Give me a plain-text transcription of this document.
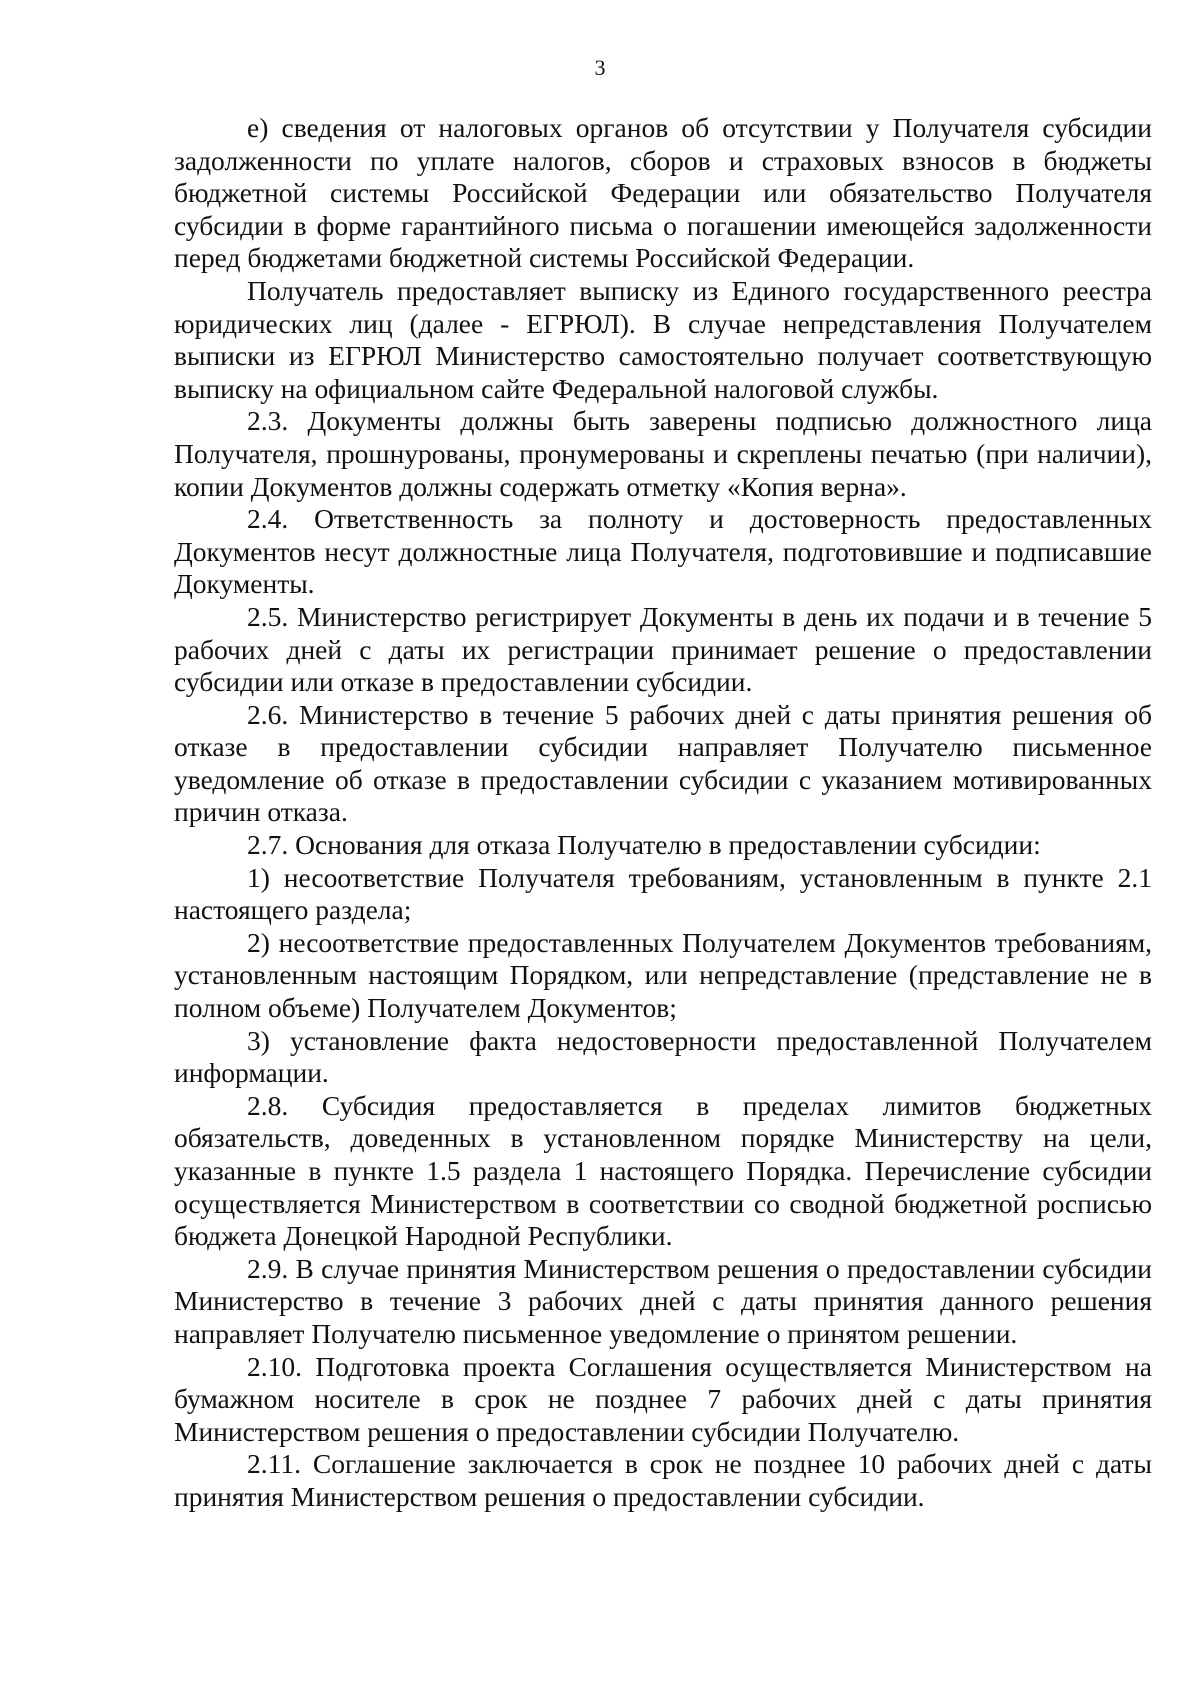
3

е) сведения от налоговых органов об отсутствии у Получателя субсидии задолженности по уплате налогов, сборов и страховых взносов в бюджеты бюджетной системы Российской Федерации или обязательство Получателя субсидии в форме гарантийного письма о погашении имеющейся задолженности перед бюджетами бюджетной системы Российской Федерации.

Получатель предоставляет выписку из Единого государственного реестра юридических лиц (далее - ЕГРЮЛ). В случае непредставления Получателем выписки из ЕГРЮЛ Министерство самостоятельно получает соответствующую выписку на официальном сайте Федеральной налоговой службы.

2.3. Документы должны быть заверены подписью должностного лица Получателя, прошнурованы, пронумерованы и скреплены печатью (при наличии), копии Документов должны содержать отметку «Копия верна».

2.4. Ответственность за полноту и достоверность предоставленных Документов несут должностные лица Получателя, подготовившие и подписавшие Документы.

2.5. Министерство регистрирует Документы в день их подачи и в течение 5 рабочих дней с даты их регистрации принимает решение о предоставлении субсидии или отказе в предоставлении субсидии.

2.6. Министерство в течение 5 рабочих дней с даты принятия решения об отказе в предоставлении субсидии направляет Получателю письменное уведомление об отказе в предоставлении субсидии с указанием мотивированных причин отказа.

2.7. Основания для отказа Получателю в предоставлении субсидии:

1) несоответствие Получателя требованиям, установленным в пункте 2.1 настоящего раздела;

2) несоответствие предоставленных Получателем Документов требованиям, установленным настоящим Порядком, или непредставление (представление не в полном объеме) Получателем Документов;

3) установление факта недостоверности предоставленной Получателем информации.

2.8. Субсидия предоставляется в пределах лимитов бюджетных обязательств, доведенных в установленном порядке Министерству на цели, указанные в пункте 1.5 раздела 1 настоящего Порядка. Перечисление субсидии осуществляется Министерством в соответствии со сводной бюджетной росписью бюджета Донецкой Народной Республики.

2.9. В случае принятия Министерством решения о предоставлении субсидии Министерство в течение 3 рабочих дней с даты принятия данного решения направляет Получателю письменное уведомление о принятом решении.

2.10. Подготовка проекта Соглашения осуществляется Министерством на бумажном носителе в срок не позднее 7 рабочих дней с даты принятия Министерством решения о предоставлении субсидии Получателю.

2.11. Соглашение заключается в срок не позднее 10 рабочих дней с даты принятия Министерством решения о предоставлении субсидии.
